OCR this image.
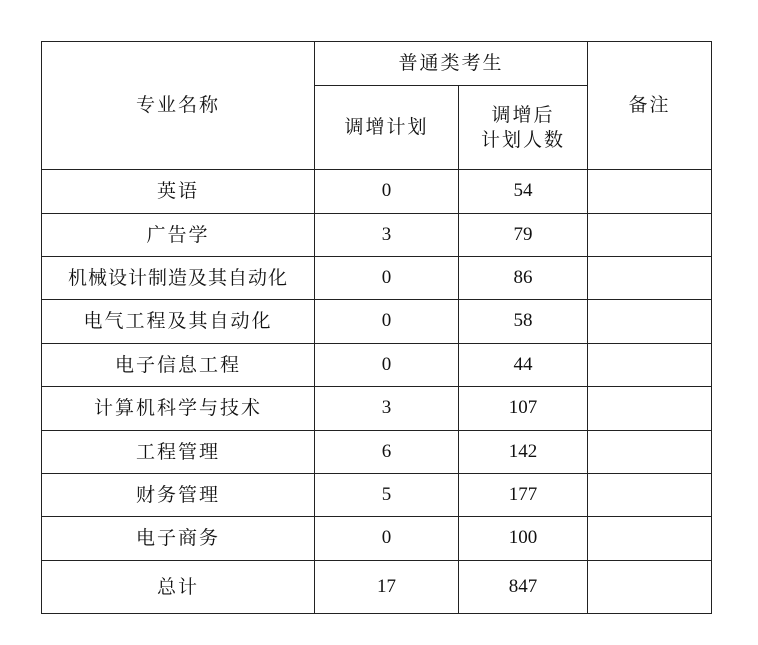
专业名称	普通类考生		备注
	调增计划	调增后
计划人数	

英语	0	54	
广告学	3	79	
机械设计制造及其自动化	0	86	
电气工程及其自动化	0	58	
电子信息工程	0	44	
计算机科学与技术	3	107	
工程管理	6	142	
财务管理	5	177	
电子商务	0	100	
总计	17	847	
